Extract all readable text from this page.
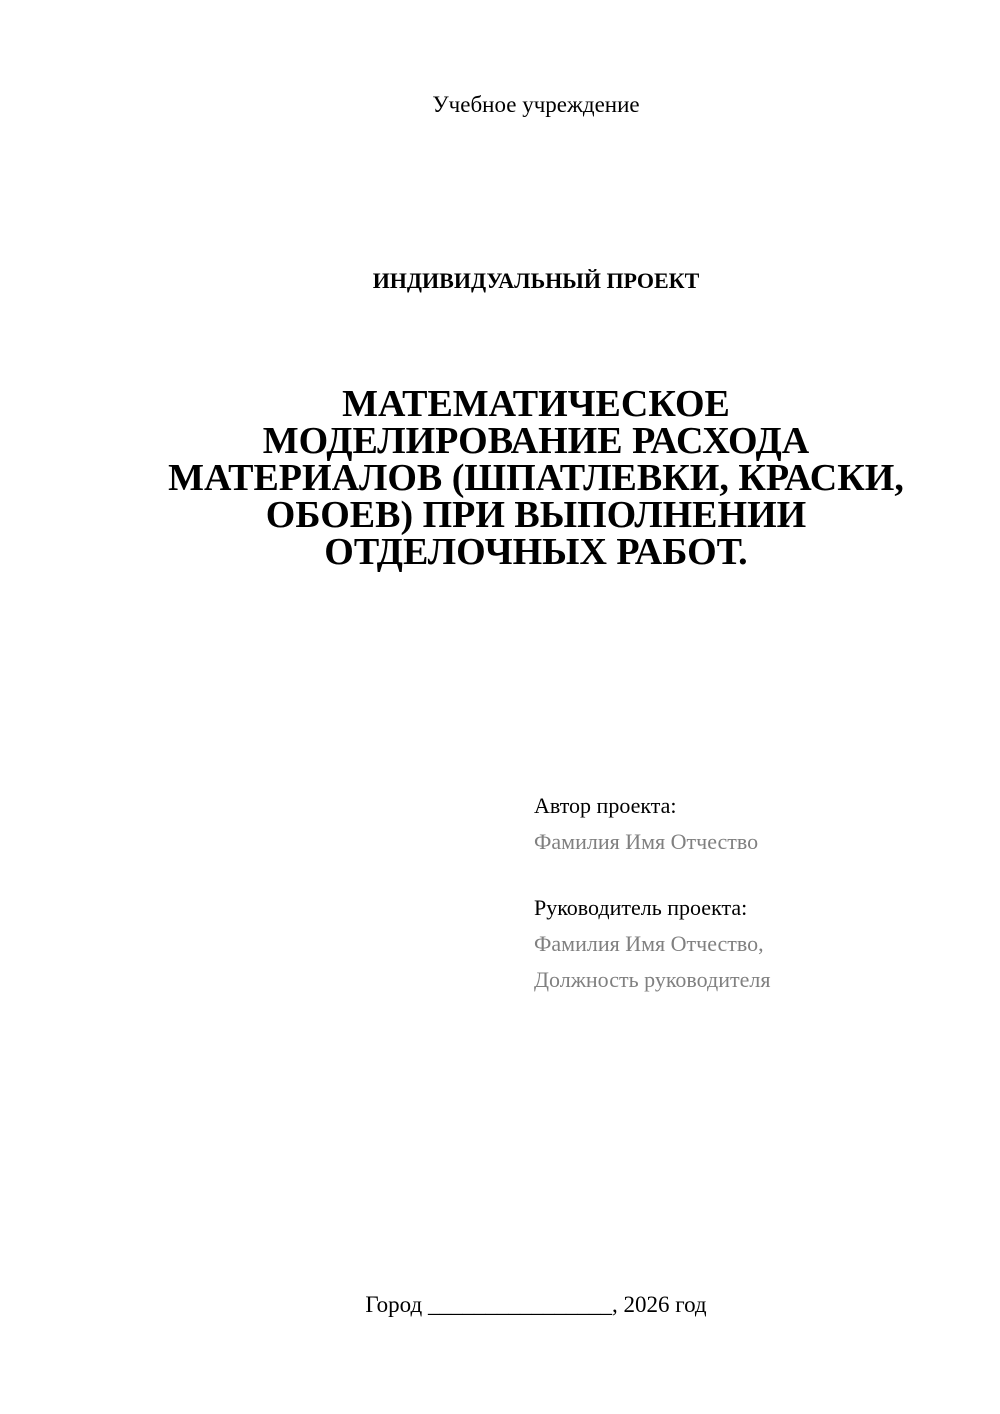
Учебное учреждение
ИНДИВИДУАЛЬНЫЙ ПРОЕКТ
МАТЕМАТИЧЕСКОЕ
МОДЕЛИРОВАНИЕ РАСХОДА
МАТЕРИАЛОВ (ШПАТЛЕВКИ, КРАСКИ,
ОБОЕВ) ПРИ ВЫПОЛНЕНИИ
ОТДЕЛОЧНЫХ РАБОТ.
Автор проекта:
Фамилия Имя Отчество
Руководитель проекта:
Фамилия Имя Отчество,
Должность руководителя
Город ________________, 2026 год
